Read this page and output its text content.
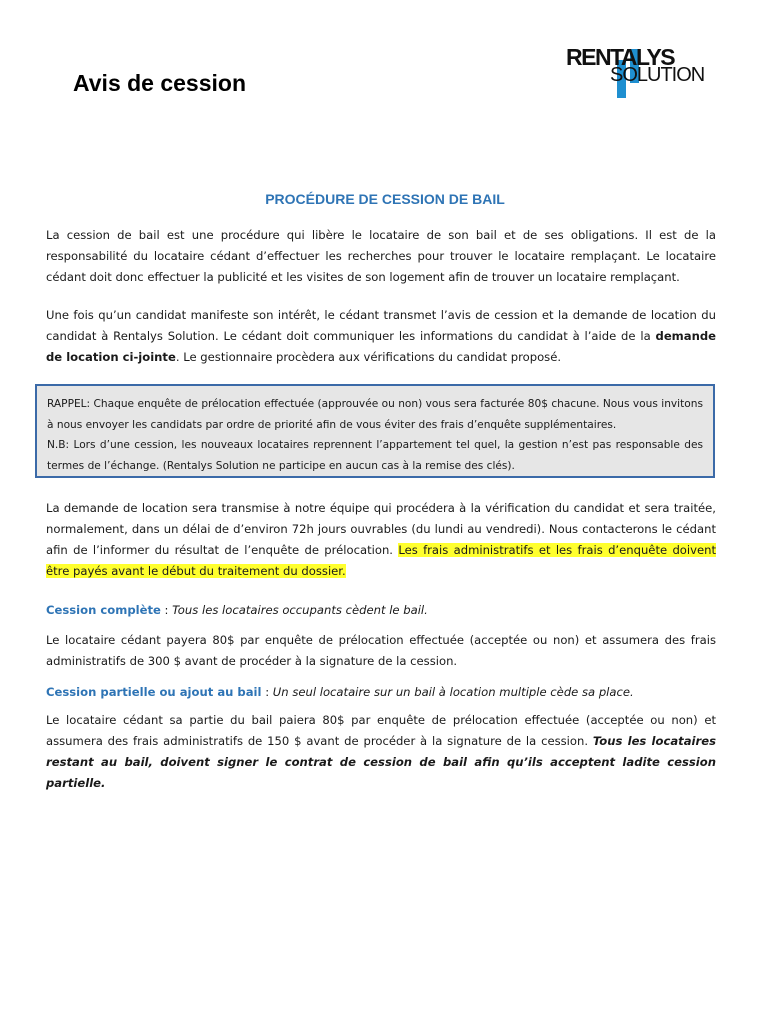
Avis de cession
RENTALYS
SOLUTION
PROCÉDURE DE CESSION DE BAIL

La cession de bail est une procédure qui libère le locataire de son bail et de ses obligations. Il est de la responsabilité du locataire cédant d’effectuer les recherches pour trouver le locataire remplaçant. Le locataire cédant doit donc effectuer la publicité et les visites de son logement afin de trouver un locataire remplaçant.

Une fois qu’un candidat manifeste son intérêt, le cédant transmet l’avis de cession et la demande de location du candidat à Rentalys Solution. Le cédant doit communiquer les informations du candidat à l’aide de la demande de location ci-jointe. Le gestionnaire procèdera aux vérifications du candidat proposé.

RAPPEL: Chaque enquête de prélocation effectuée (approuvée ou non) vous sera facturée 80$ chacune. Nous vous invitons à nous envoyer les candidats par ordre de priorité afin de vous éviter des frais d’enquête supplémentaires.

N.B: Lors d’une cession, les nouveaux locataires reprennent l’appartement tel quel, la gestion n’est pas responsable des termes de l’échange. (Rentalys Solution ne participe en aucun cas à la remise des clés).

La demande de location sera transmise à notre équipe qui procédera à la vérification du candidat et sera traitée, normalement, dans un délai de d’environ 72h jours ouvrables (du lundi au vendredi). Nous contacterons le cédant afin de l’informer du résultat de l’enquête de prélocation. Les frais administratifs et les frais d’enquête doivent être payés avant le début du traitement du dossier.

Cession complète : Tous les locataires occupants cèdent le bail.

Le locataire cédant payera 80$ par enquête de prélocation effectuée (acceptée ou non) et assumera des frais administratifs de 300 $ avant de procéder à la signature de la cession.

Cession partielle ou ajout au bail : Un seul locataire sur un bail à location multiple cède sa place.

Le locataire cédant sa partie du bail paiera 80$ par enquête de prélocation effectuée (acceptée ou non) et assumera des frais administratifs de 150 $ avant de procéder à la signature de la cession. Tous les locataires restant au bail, doivent signer le contrat de cession de bail afin qu’ils acceptent ladite cession partielle.
